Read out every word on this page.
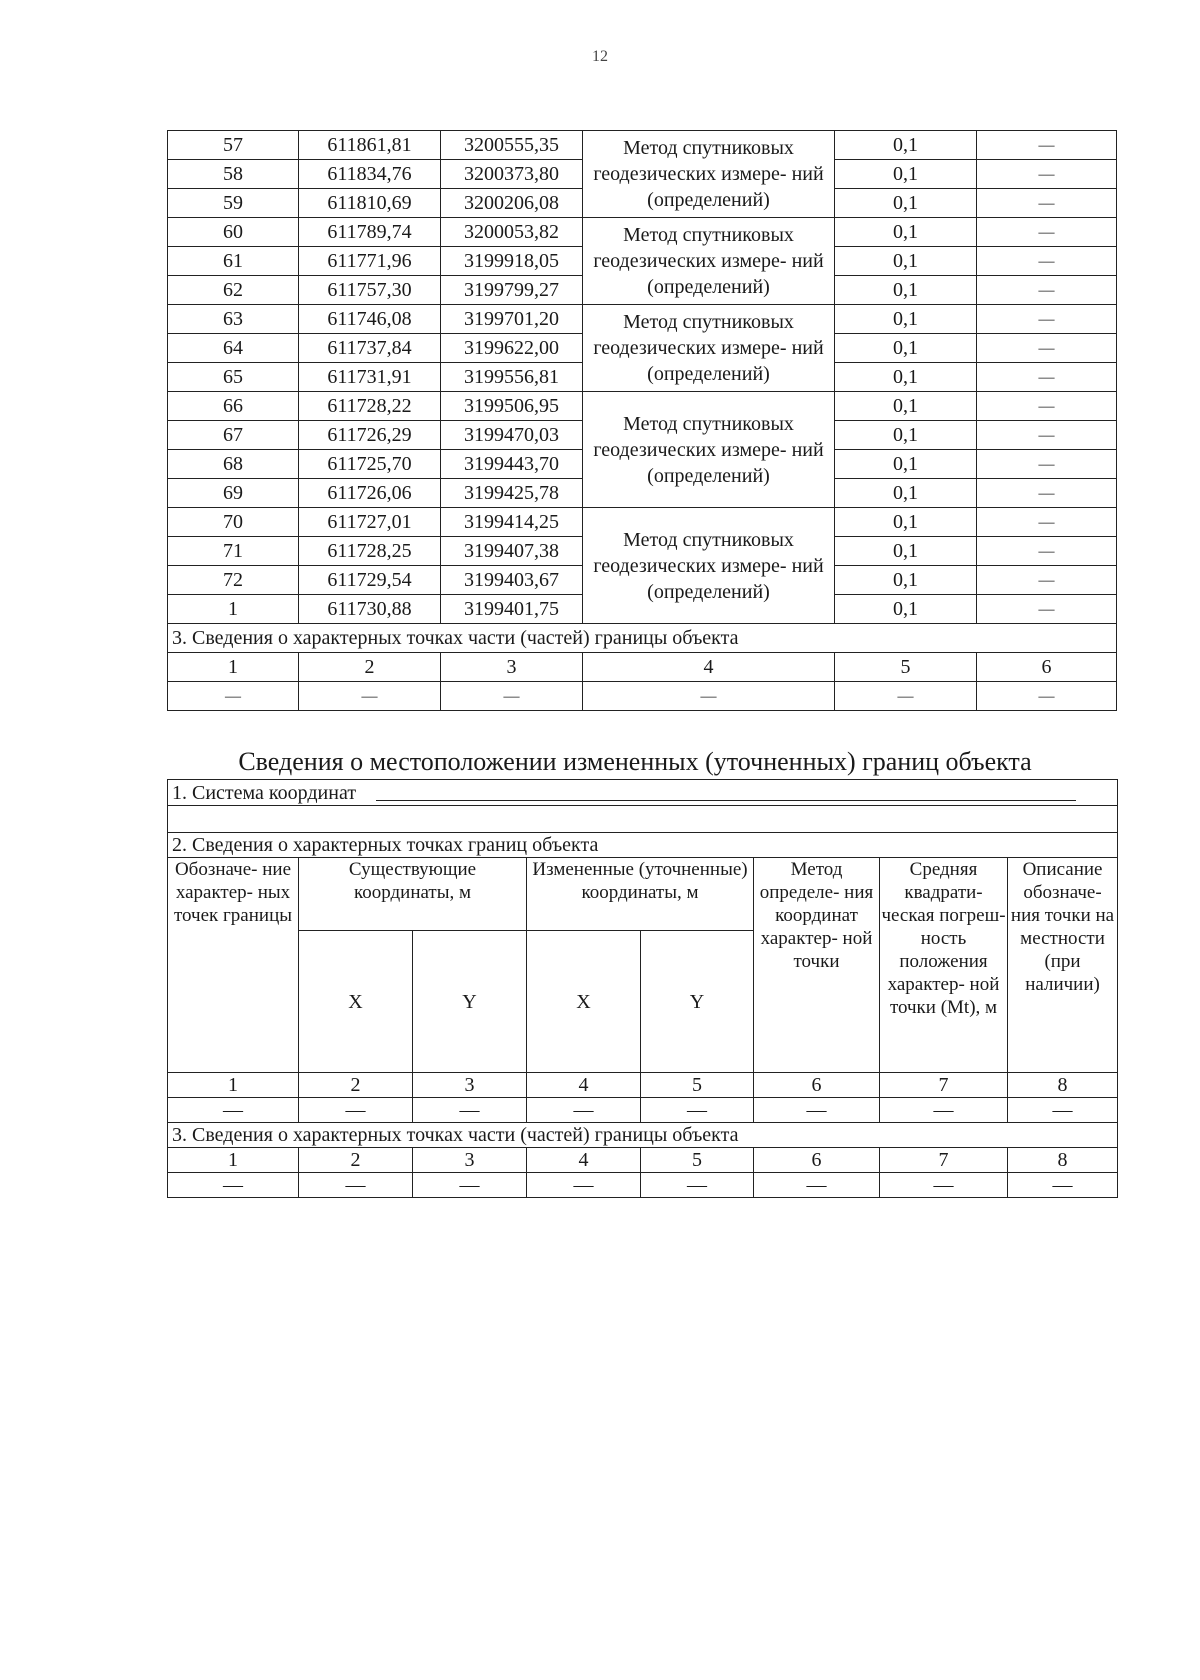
12
57	611861,81	3200555,35	Метод спутниковых геодезических измере- ний (определений)	0,1	—
58	611834,76	3200373,80		0,1	—
59	611810,69	3200206,08		0,1	—
60	611789,74	3200053,82	Метод спутниковых геодезических измере- ний (определений)	0,1	—
61	611771,96	3199918,05		0,1	—
62	611757,30	3199799,27		0,1	—
63	611746,08	3199701,20	Метод спутниковых геодезических измере- ний (определений)	0,1	—
64	611737,84	3199622,00		0,1	—
65	611731,91	3199556,81		0,1	—
66	611728,22	3199506,95	Метод спутниковых геодезических измере- ний (определений)	0,1	—
67	611726,29	3199470,03		0,1	—
68	611725,70	3199443,70		0,1	—
69	611726,06	3199425,78		0,1	—
70	611727,01	3199414,25	Метод спутниковых геодезических измере- ний (определений)	0,1	—
71	611728,25	3199407,38		0,1	—
72	611729,54	3199403,67		0,1	—
1	611730,88	3199401,75		0,1	—
3. Сведения о характерных точках части (частей) границы объекта					
1	2	3	4	5	6
—	—	—	—	—	—
Сведения о местоположении измененных (уточненных) границ объекта
1. Система координат							

2. Сведения о характерных точках границ объекта							
Обозначе- ние характер- ных точек границы	Существующие координаты, м		Измененные (уточненные) координаты, м		Метод определе- ния координат характер- ной точки	Средняя квадрати- ческая погреш- ность положения характер- ной точки (Mt), м	Описание обозначе- ния точки на местности (при наличии)
	X	Y	X	Y			
1	2	3	4	5	6	7	8
—	—	—	—	—	—	—	—
3. Сведения о характерных точках части (частей) границы объекта							
1	2	3	4	5	6	7	8
—	—	—	—	—	—	—	—
